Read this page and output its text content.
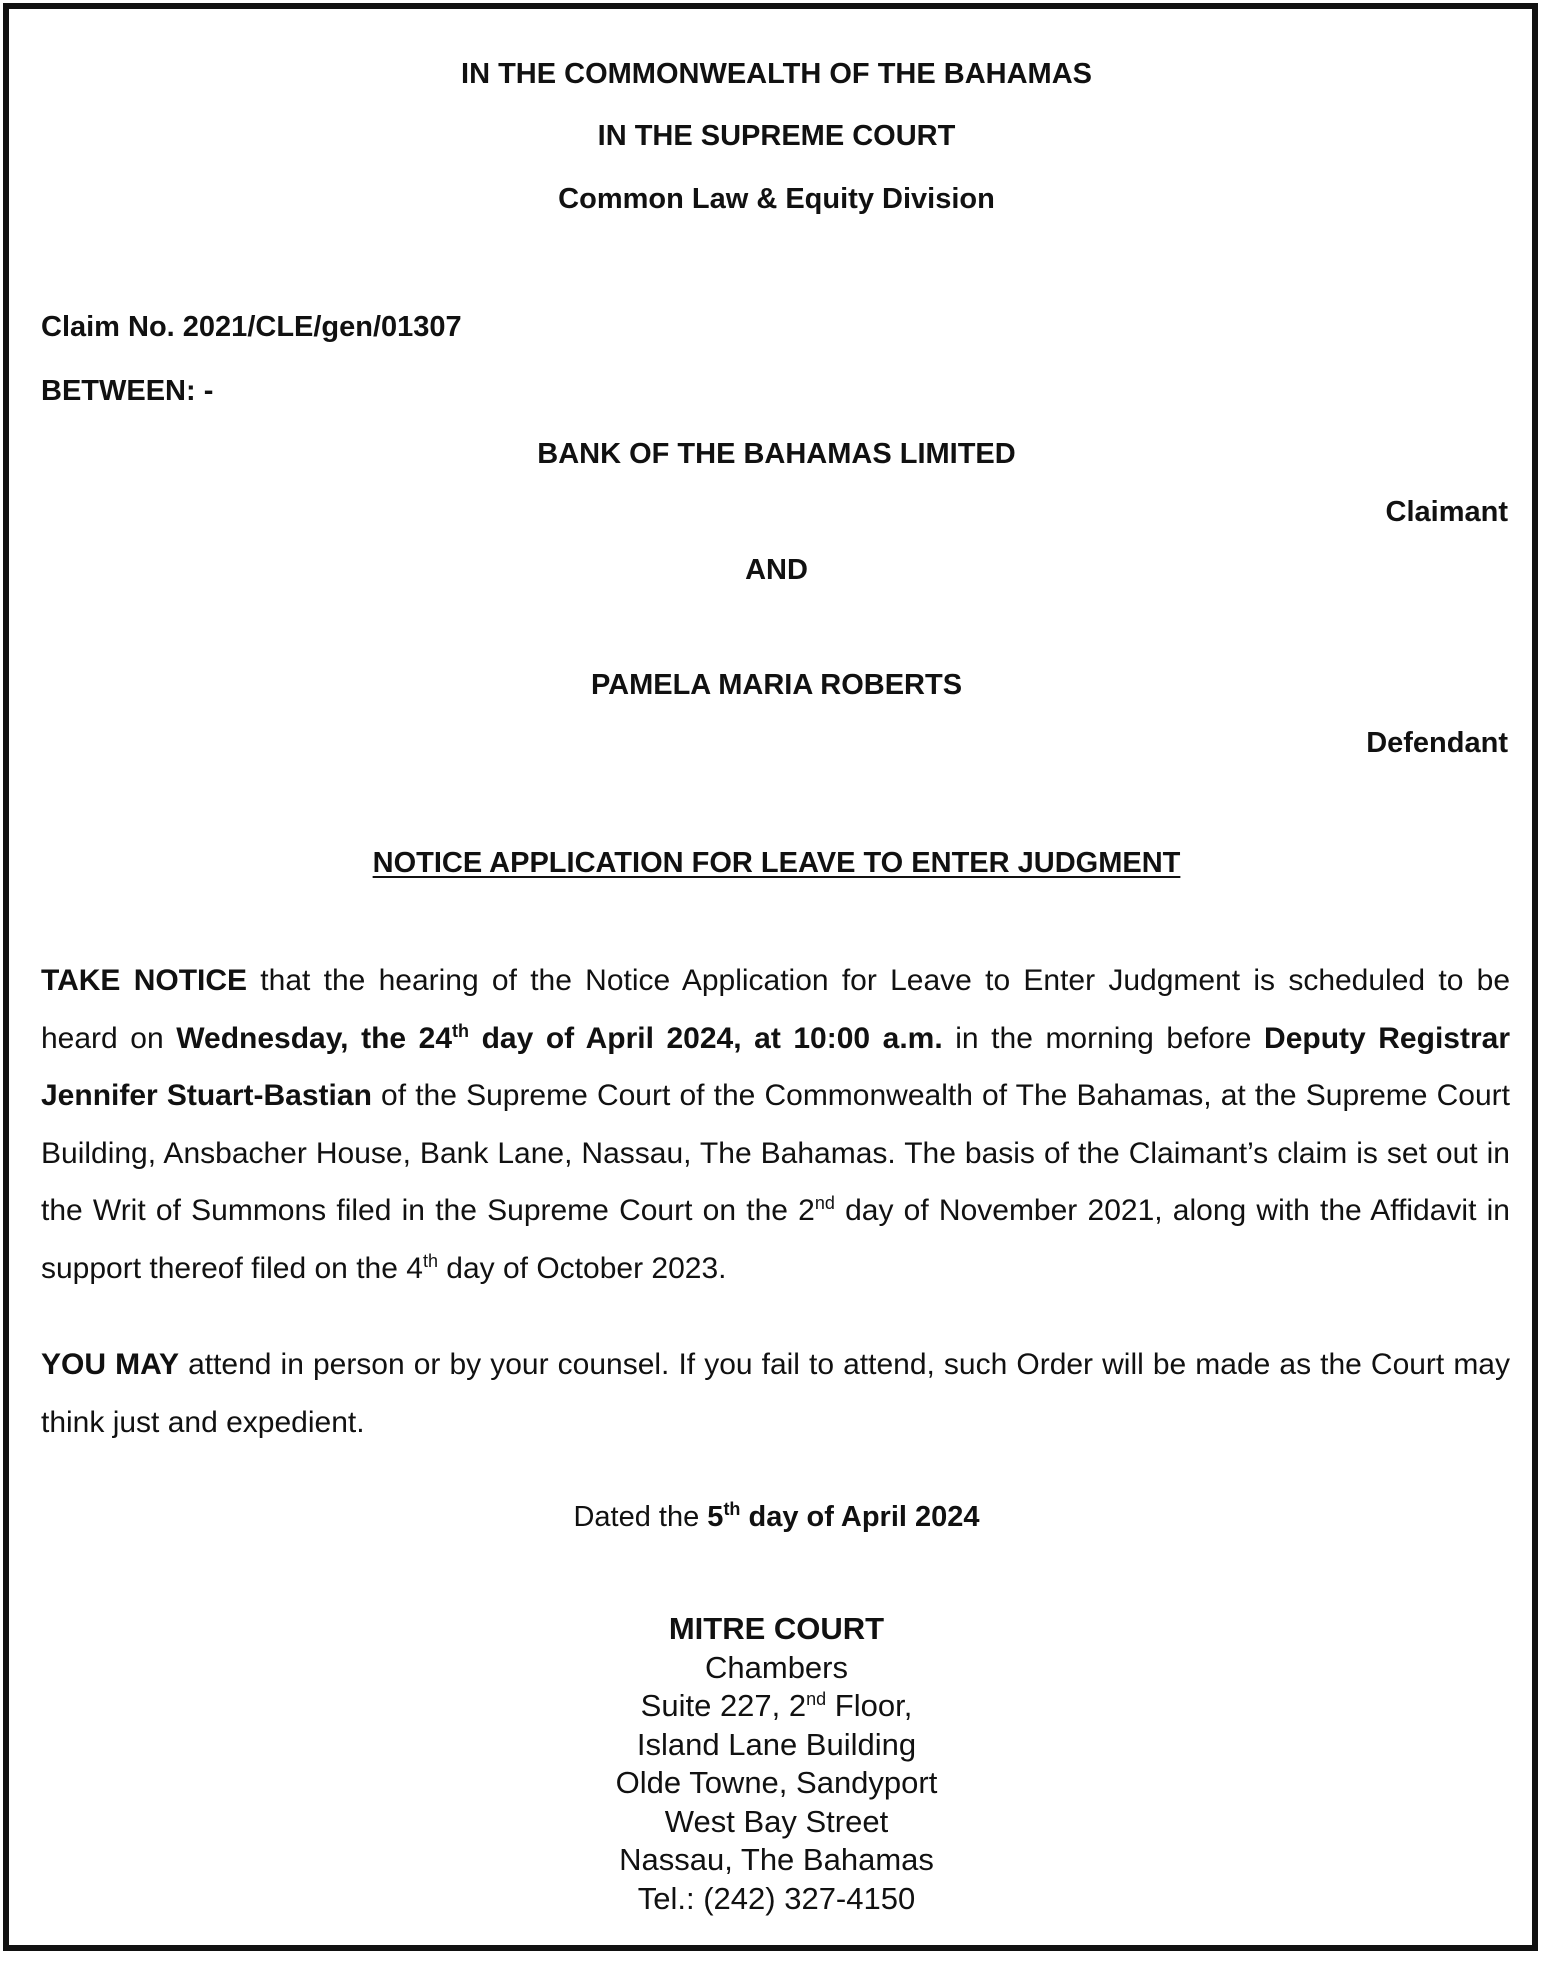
IN THE COMMONWEALTH OF THE BAHAMAS

IN THE SUPREME COURT

Common Law & Equity Division

Claim No. 2021/CLE/gen/01307

BETWEEN: -

BANK OF THE BAHAMAS LIMITED

Claimant

AND

PAMELA MARIA ROBERTS

Defendant

NOTICE APPLICATION FOR LEAVE TO ENTER JUDGMENT

TAKE NOTICE that the hearing of the Notice Application for Leave to Enter Judgment is scheduled to be heard on Wednesday, the 24th day of April 2024, at 10:00 a.m. in the morning before Deputy Registrar Jennifer Stuart-Bastian of the Supreme Court of the Commonwealth of The Bahamas, at the Supreme Court Building, Ansbacher House, Bank Lane, Nassau, The Bahamas. The basis of the Claimant’s claim is set out in the Writ of Summons filed in the Supreme Court on the 2nd day of November 2021, along with the Affidavit in support thereof filed on the 4th day of October 2023.

YOU MAY attend in person or by your counsel. If you fail to attend, such Order will be made as the Court may think just and expedient.

Dated the 5th day of April 2024

MITRE COURT
Chambers
Suite 227, 2nd Floor,
Island Lane Building
Olde Towne, Sandyport
West Bay Street
Nassau, The Bahamas
Tel.: (242) 327-4150
